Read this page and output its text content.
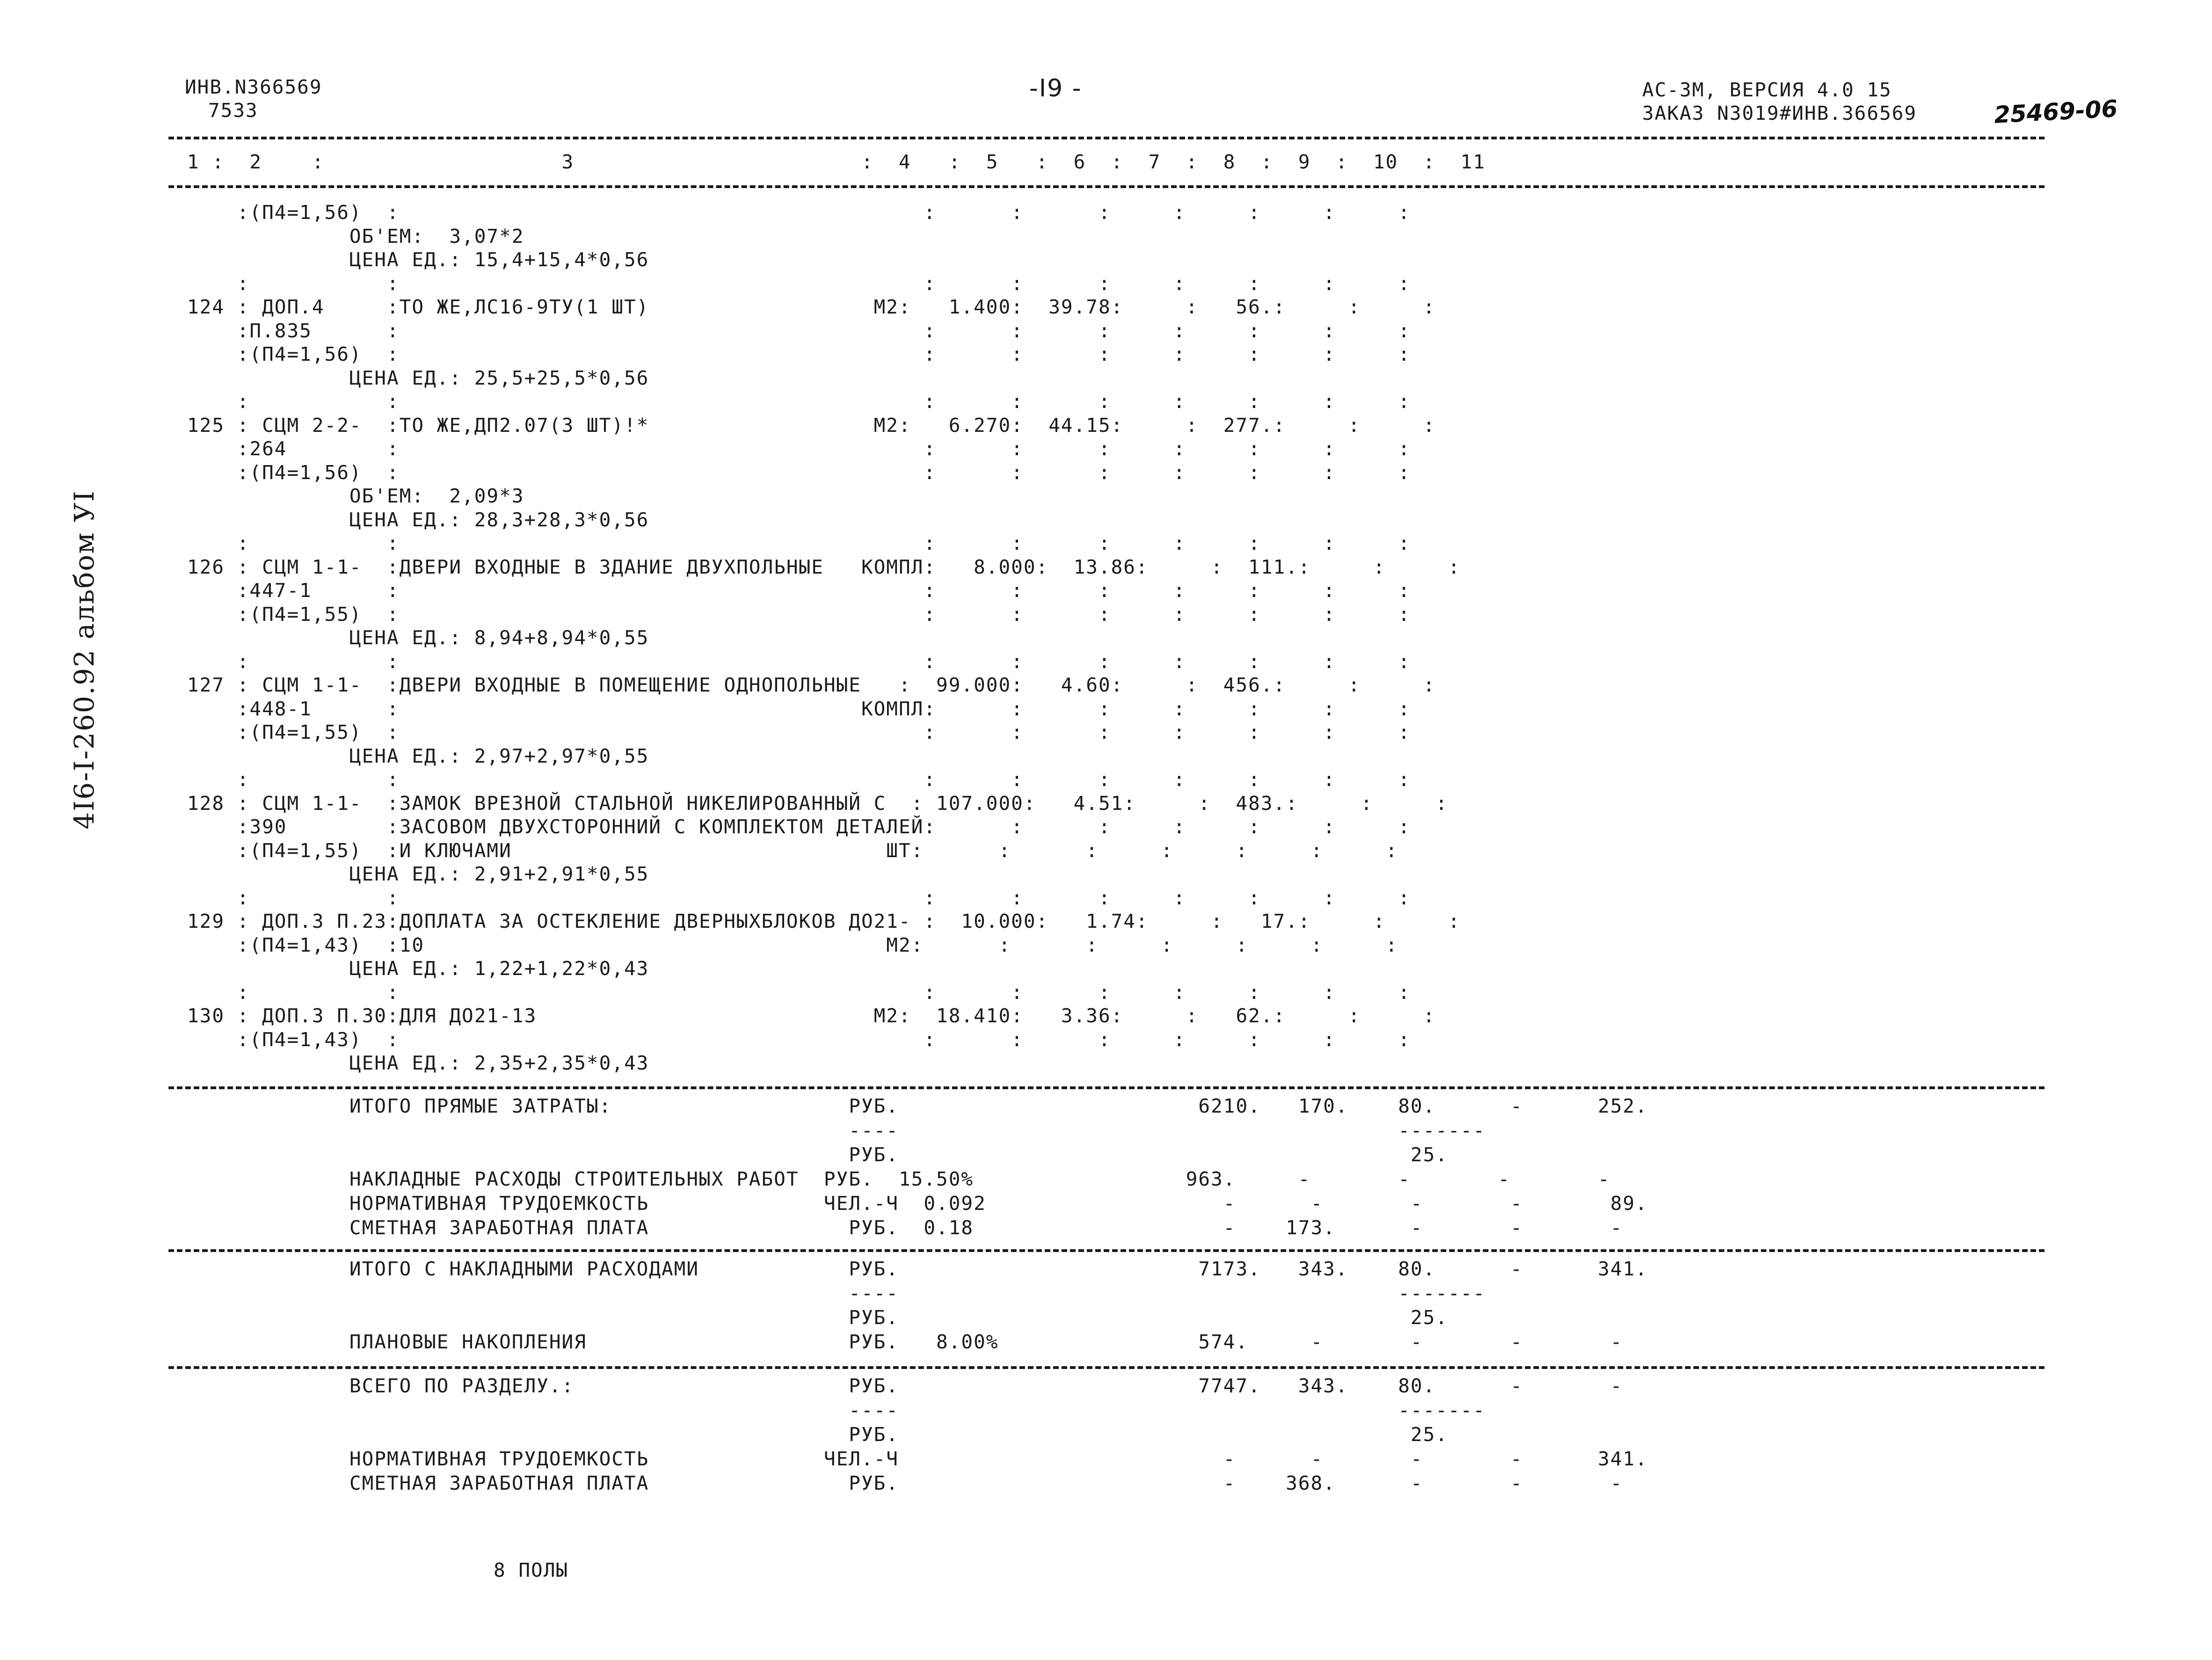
ИНВ.N366569
7533
-I9 -	АС-3М, ВЕРСИЯ 4.0 15
ЗАКАЗ N3019#ИНВ.366569	25469-06
4I6-I-260.92 альбом УI
1 :  2    :                   3                       :  4   :  5   :  6  :  7  :  8  :  9  :  10  :  11
:(П4=1,56)  :                                          :      :      :     :     :     :     :
ОБ'ЕМ:  3,07*2
ЦЕНА ЕД.: 15,4+15,4*0,56
:           :                                          :      :      :     :     :     :     :
124 : ДОП.4     :ТО ЖЕ,ЛС16-9ТУ(1 ШТ)                  М2:   1.400:  39.78:     :   56.:     :     :
:П.835      :                                          :      :      :     :     :     :     :
:(П4=1,56)  :                                          :      :      :     :     :     :     :
ЦЕНА ЕД.: 25,5+25,5*0,56
:           :                                          :      :      :     :     :     :     :
125 : СЦМ 2-2-  :ТО ЖЕ,ДП2.07(3 ШТ)!*                  М2:   6.270:  44.15:     :  277.:     :     :
:264        :                                          :      :      :     :     :     :     :
:(П4=1,56)  :                                          :      :      :     :     :     :     :
ОБ'ЕМ:  2,09*3
ЦЕНА ЕД.: 28,3+28,3*0,56
:           :                                          :      :      :     :     :     :     :
126 : СЦМ 1-1-  :ДВЕРИ ВХОДНЫЕ В ЗДАНИЕ ДВУХПОЛЬНЫЕ   КОМПЛ:   8.000:  13.86:     :  111.:     :     :
:447-1      :                                          :      :      :     :     :     :     :
:(П4=1,55)  :                                          :      :      :     :     :     :     :
ЦЕНА ЕД.: 8,94+8,94*0,55
:           :                                          :      :      :     :     :     :     :
127 : СЦМ 1-1-  :ДВЕРИ ВХОДНЫЕ В ПОМЕЩЕНИЕ ОДНОПОЛЬНЫЕ   :  99.000:   4.60:     :  456.:     :     :
:448-1      :                                     КОМПЛ:      :      :     :     :     :     :
:(П4=1,55)  :                                          :      :      :     :     :     :     :
ЦЕНА ЕД.: 2,97+2,97*0,55
:           :                                          :      :      :     :     :     :     :
128 : СЦМ 1-1-  :ЗАМОК ВРЕЗНОЙ СТАЛЬНОЙ НИКЕЛИРОВАННЫЙ С  : 107.000:   4.51:     :  483.:     :     :
:390        :ЗАСОВОМ ДВУХСТОРОННИЙ С КОМПЛЕКТОМ ДЕТАЛЕЙ:      :      :     :     :     :     :
:(П4=1,55)  :И КЛЮЧАМИ                              ШТ:      :      :     :     :     :     :
ЦЕНА ЕД.: 2,91+2,91*0,55
:           :                                          :      :      :     :     :     :     :
129 : ДОП.3 П.23:ДОПЛАТА ЗА ОСТЕКЛЕНИЕ ДВЕРНЫХБЛОКОВ ДО21- :  10.000:   1.74:     :   17.:     :     :
:(П4=1,43)  :10                                     М2:      :      :     :     :     :     :
ЦЕНА ЕД.: 1,22+1,22*0,43
:           :                                          :      :      :     :     :     :     :
130 : ДОП.3 П.30:ДЛЯ ДО21-13                           М2:  18.410:   3.36:     :   62.:     :     :
:(П4=1,43)  :                                          :      :      :     :     :     :     :
ЦЕНА ЕД.: 2,35+2,35*0,43
ИТОГО ПРЯМЫЕ ЗАТРАТЫ:                   РУБ.                        6210.   170.    80.      -      252.
----                                        -------
РУБ.                                         25.
НАКЛАДНЫЕ РАСХОДЫ СТРОИТЕЛЬНЫХ РАБОТ  РУБ.  15.50%                 963.     -       -       -       -
НОРМАТИВНАЯ ТРУДОЕМКОСТЬ              ЧЕЛ.-Ч  0.092                   -      -       -       -       89.
СМЕТНАЯ ЗАРАБОТНАЯ ПЛАТА                РУБ.  0.18                    -    173.      -       -       -
ИТОГО С НАКЛАДНЫМИ РАСХОДАМИ            РУБ.                        7173.   343.    80.      -      341.
----                                        -------
РУБ.                                         25.
ПЛАНОВЫЕ НАКОПЛЕНИЯ                     РУБ.   8.00%                574.     -       -       -       -
ВСЕГО ПО РАЗДЕЛУ.:                      РУБ.                        7747.   343.    80.      -       -
----                                        -------
РУБ.                                         25.
НОРМАТИВНАЯ ТРУДОЕМКОСТЬ              ЧЕЛ.-Ч                          -      -       -       -      341.
СМЕТНАЯ ЗАРАБОТНАЯ ПЛАТА                РУБ.                          -    368.      -       -       -
8 ПОЛЫ
